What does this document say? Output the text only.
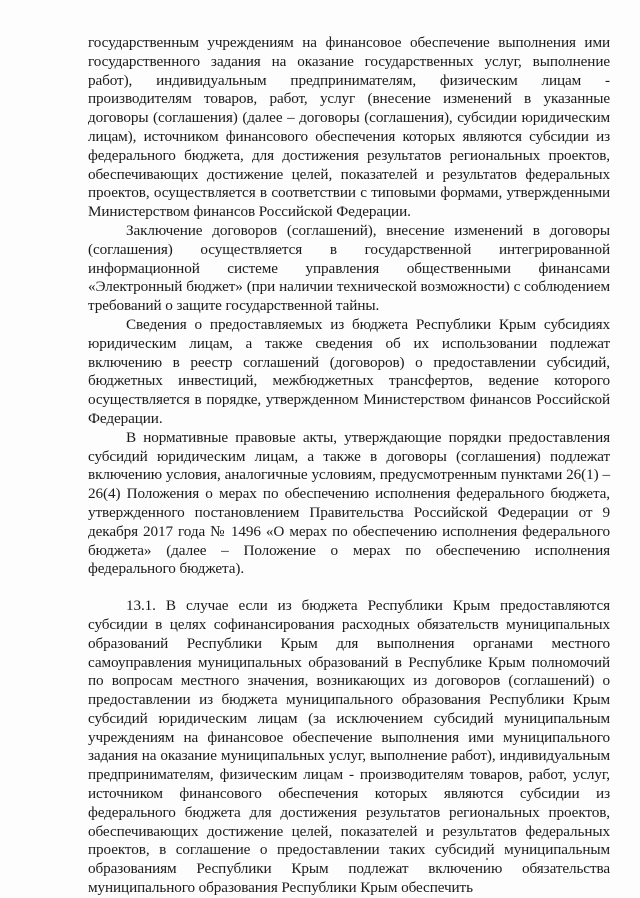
государственным учреждениям на финансовое обеспечение выполнения ими государственного задания на оказание государственных услуг, выполнение работ), индивидуальным предпринимателям, физическим лицам - производителям товаров, работ, услуг (внесение изменений в указанные договоры (соглашения) (далее – договоры (соглашения), субсидии юридическим лицам), источником финансового обеспечения которых являются субсидии из федерального бюджета, для достижения результатов региональных проектов, обеспечивающих достижение целей, показателей и результатов федеральных проектов, осуществляется в соответствии с типовыми формами, утвержденными Министерством финансов Российской Федерации.

Заключение договоров (соглашений), внесение изменений в договоры (соглашения) осуществляется в государственной интегрированной информационной системе управления общественными финансами «Электронный бюджет» (при наличии технической возможности) с соблюдением требований о защите государственной тайны.

Сведения о предоставляемых из бюджета Республики Крым субсидиях юридическим лицам, а также сведения об их использовании подлежат включению в реестр соглашений (договоров) о предоставлении субсидий, бюджетных инвестиций, межбюджетных трансфертов, ведение которого осуществляется в порядке, утвержденном Министерством финансов Российской Федерации.

В нормативные правовые акты, утверждающие порядки предоставления субсидий юридическим лицам, а также в договоры (соглашения) подлежат включению условия, аналогичные условиям, предусмотренным пунктами 26(1) – 26(4) Положения о мерах по обеспечению исполнения федерального бюджета, утвержденного постановлением Правительства Российской Федерации от 9 декабря 2017 года № 1496 «О мерах по обеспечению исполнения федерального бюджета» (далее – Положение о мерах по обеспечению исполнения федерального бюджета).

13.1. В случае если из бюджета Республики Крым предоставляются субсидии в целях софинансирования расходных обязательств муниципальных образований Республики Крым для выполнения органами местного самоуправления муниципальных образований в Республике Крым полномочий по вопросам местного значения, возникающих из договоров (соглашений) о предоставлении из бюджета муниципального образования Республики Крым субсидий юридическим лицам (за исключением субсидий муниципальным учреждениям на финансовое обеспечение выполнения ими муниципального задания на оказание муниципальных услуг, выполнение работ), индивидуальным предпринимателям, физическим лицам - производителям товаров, работ, услуг, источником финансового обеспечения которых являются субсидии из федерального бюджета для достижения результатов региональных проектов, обеспечивающих достижение целей, показателей и результатов федеральных проектов, в соглашение о предоставлении таких субсидий муниципальным образованиям Республики Крым подлежат включению обязательства муниципального образования Республики Крым обеспечить
